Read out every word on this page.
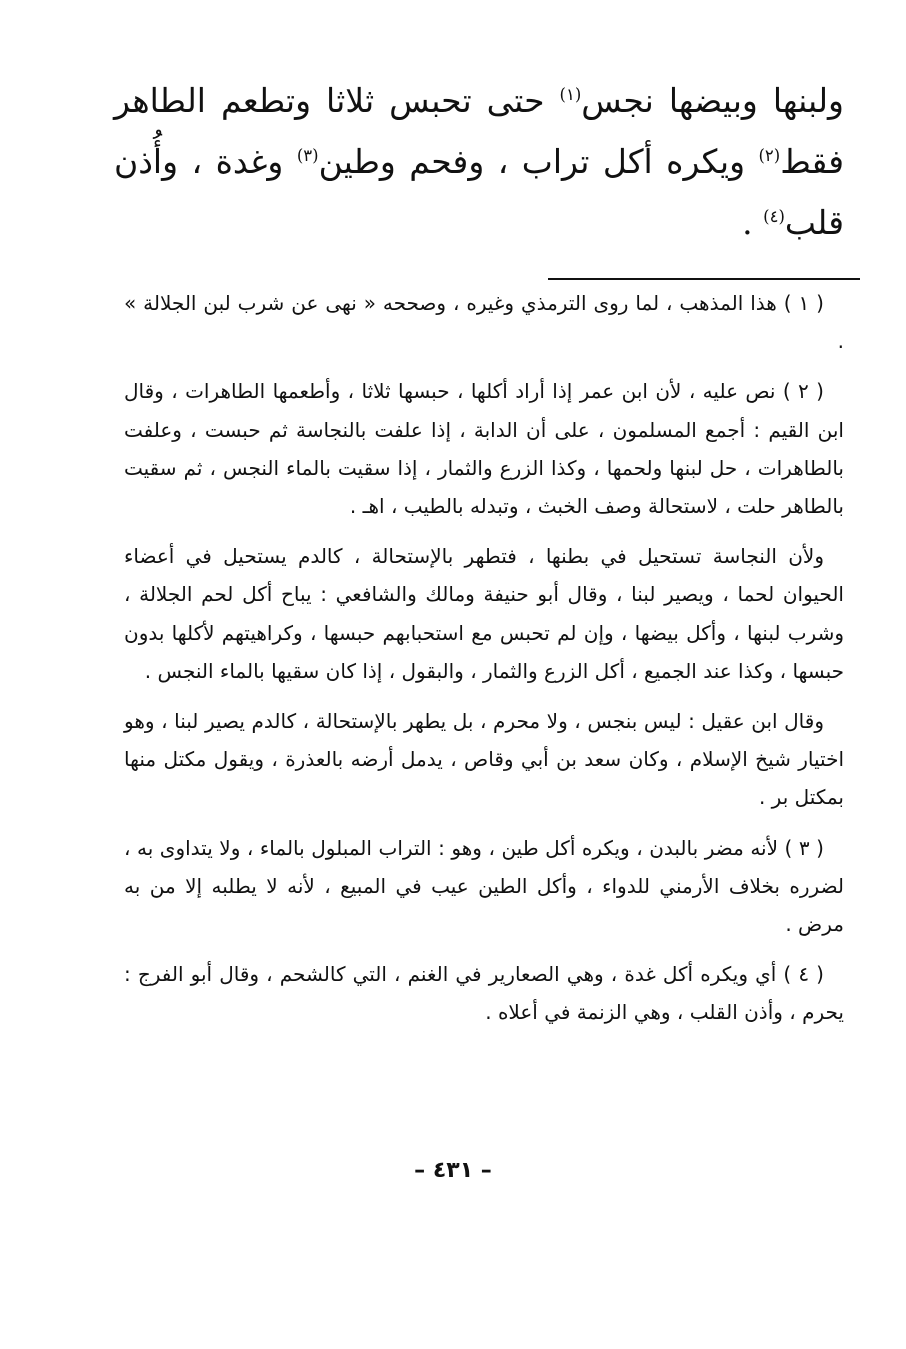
ولبنها وبيضها نجس$^{(١)}$ حتى تحبس ثلاثا وتطعم الطاهر فقط$^{(٢)}$ ويكره أكل تراب ، وفحم وطين$^{(٣)}$ وغدة ، وأُذن قلب$^{(٤)}$ .

( ١ ) هذا المذهب ، لما روى الترمذي وغيره ، وصححه « نهى عن شرب لبن الجلالة » .

( ٢ ) نص عليه ، لأن ابن عمر إذا أراد أكلها ، حبسها ثلاثا ، وأطعمها الطاهرات ، وقال ابن القيم : أجمع المسلمون ، على أن الدابة ، إذا علفت بالنجاسة ثم حبست ، وعلفت بالطاهرات ، حل لبنها ولحمها ، وكذا الزرع والثمار ، إذا سقيت بالماء النجس ، ثم سقيت بالطاهر حلت ، لاستحالة وصف الخبث ، وتبدله بالطيب ، اهـ .

ولأن النجاسة تستحيل في بطنها ، فتطهر بالإستحالة ، كالدم يستحيل في أعضاء الحيوان لحما ، ويصير لبنا ، وقال أبو حنيفة ومالك والشافعي : يباح أكل لحم الجلالة ، وشرب لبنها ، وأكل بيضها ، وإن لم تحبس مع استحبابهم حبسها ، وكراهيتهم لأكلها بدون حبسها ، وكذا عند الجميع ، أكل الزرع والثمار ، والبقول ، إذا كان سقيها بالماء النجس .

وقال ابن عقيل : ليس بنجس ، ولا محرم ، بل يطهر بالإستحالة ، كالدم يصير لبنا ، وهو اختيار شيخ الإسلام ، وكان سعد بن أبي وقاص ، يدمل أرضه بالعذرة ، ويقول مكتل منها بمكتل بر .

( ٣ ) لأنه مضر بالبدن ، ويكره أكل طين ، وهو : التراب المبلول بالماء ، ولا يتداوى به ، لضرره بخلاف الأرمني للدواء ، وأكل الطين عيب في المبيع ، لأنه لا يطلبه إلا من به مرض .

( ٤ ) أي ويكره أكل غدة ، وهي الصعارير في الغنم ، التي كالشحم ، وقال أبو الفرج : يحرم ، وأذن القلب ، وهي الزنمة في أعلاه .

– ٤٣١ –
